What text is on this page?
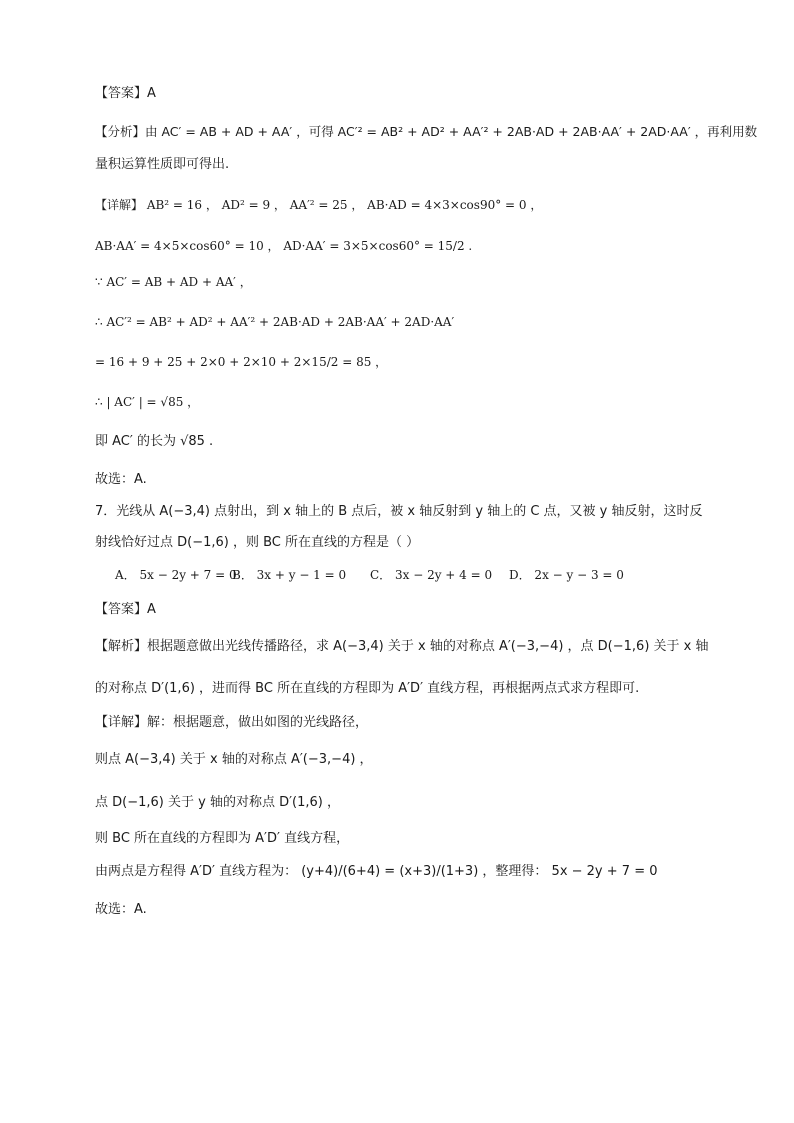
【答案】A
【分析】由 AC′ = AB + AD + AA′ ，可得 AC′² = AB² + AD² + AA′² + 2AB·AD + 2AB·AA′ + 2AD·AA′ ，再利用数
量积运算性质即可得出.
【详解】 AB² = 16 ， AD² = 9 ， AA′² = 25 ， AB·AD = 4×3×cos90° = 0 ，
AB·AA′ = 4×5×cos60° = 10 ， AD·AA′ = 3×5×cos60° = 15/2 .
∵ AC′ = AB + AD + AA′ ，
∴ AC′² = AB² + AD² + AA′² + 2AB·AD + 2AB·AA′ + 2AD·AA′
= 16 + 9 + 25 + 2×0 + 2×10 + 2×15/2 = 85 ，
∴ | AC′ | = √85 ，
即 AC′ 的长为 √85 .
故选：A.
7．光线从 A(−3,4) 点射出，到 x 轴上的 B 点后，被 x 轴反射到 y 轴上的 C 点，又被 y 轴反射，这时反
射线恰好过点 D(−1,6) ，则 BC 所在直线的方程是（ ）
A． 5x − 2y + 7 = 0
B． 3x + y − 1 = 0 C． 3x − 2y + 4 = 0 D． 2x − y − 3 = 0
【答案】A
【解析】根据题意做出光线传播路径，求 A(−3,4) 关于 x 轴的对称点 A′(−3,−4) ，点 D(−1,6) 关于 x 轴
的对称点 D′(1,6) ，进而得 BC 所在直线的方程即为 A′D′ 直线方程，再根据两点式求方程即可.
【详解】解：根据题意，做出如图的光线路径，
则点 A(−3,4) 关于 x 轴的对称点 A′(−3,−4) ，
点 D(−1,6) 关于 y 轴的对称点 D′(1,6) ，
则 BC 所在直线的方程即为 A′D′ 直线方程，
由两点是方程得 A′D′ 直线方程为： (y+4)/(6+4) = (x+3)/(1+3) ，整理得： 5x − 2y + 7 = 0
故选：A.
